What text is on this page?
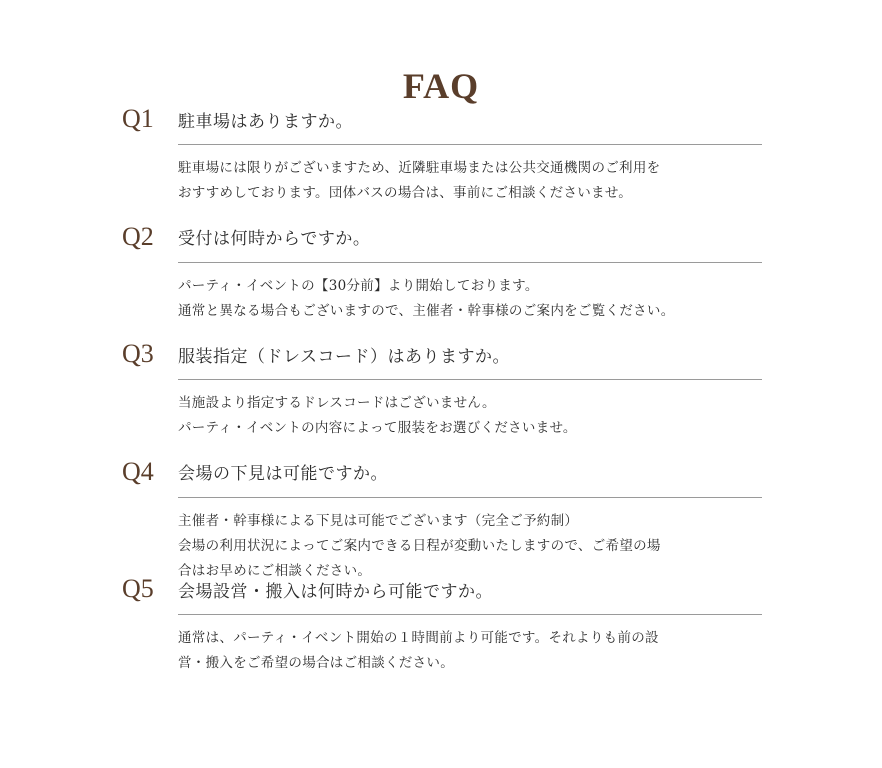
FAQ
Q1	駐車場はありますか。
駐車場には限りがございますため、近隣駐車場または公共交通機関のご利用を
おすすめしております。団体バスの場合は、事前にご相談くださいませ。
Q2	受付は何時からですか。
パーティ・イベントの【30分前】より開始しております。
通常と異なる場合もございますので、主催者・幹事様のご案内をご覧ください。
Q3	服装指定（ドレスコード）はありますか。
当施設より指定するドレスコードはございません。
パーティ・イベントの内容によって服装をお選びくださいませ。
Q4	会場の下見は可能ですか。
主催者・幹事様による下見は可能でございます（完全ご予約制）
会場の利用状況によってご案内できる日程が変動いたしますので、ご希望の場
合はお早めにご相談ください。
Q5	会場設営・搬入は何時から可能ですか。
通常は、パーティ・イベント開始の１時間前より可能です。それよりも前の設
営・搬入をご希望の場合はご相談ください。
